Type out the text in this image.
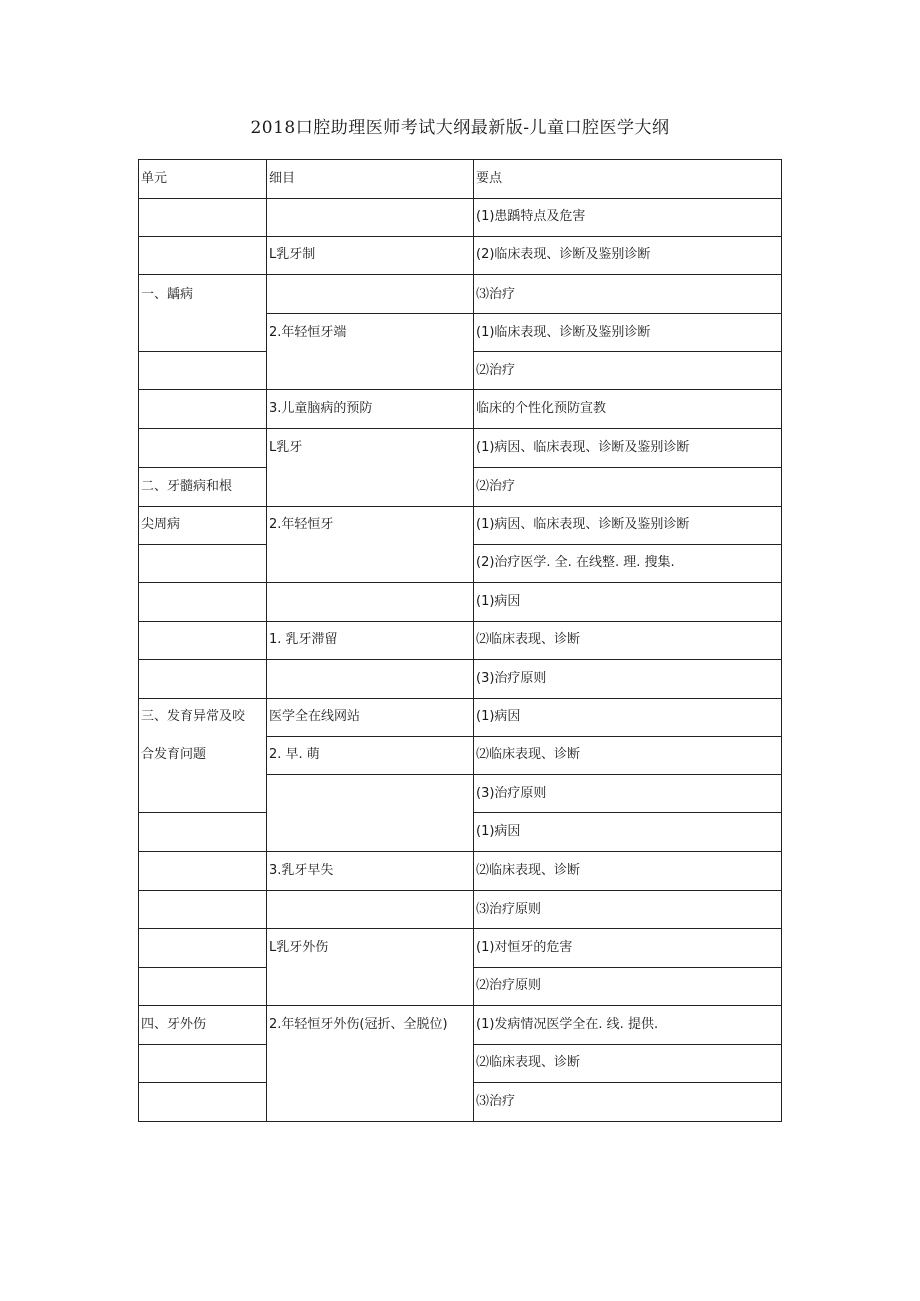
2018口腔助理医师考试大纲最新版-儿童口腔医学大纲
单元	细目	要点
一、龋病
二、牙髓病和根
尖周病
三、发育异常及咬
合发育问题
四、牙外伤
L乳牙制
2.年轻恒牙端
3.儿童脑病的预防
L乳牙
2.年轻恒牙
1. 乳牙滞留
医学全在线网站
2. 早. 萌
3.乳牙早失
L乳牙外伤
2.年轻恒牙外伤(冠折、全脱位)
(1)患踽特点及危害
(2)临床表现、诊断及鉴别诊断
⑶治疗
(1)临床表现、诊断及鉴别诊断
⑵治疗
临床的个性化预防宣教
(1)病因、临床表现、诊断及鉴别诊断
⑵治疗
(1)病因、临床表现、诊断及鉴别诊断
(2)治疗医学. 全. 在线整. 理. 搜集.
(1)病因
⑵临床表现、诊断
(3)治疗原则
(1)病因
⑵临床表现、诊断
(3)治疗原则
(1)病因
⑵临床表现、诊断
⑶治疗原则
(1)对恒牙的危害
⑵治疗原则
(1)发病情况医学全在. 线. 提供.
⑵临床表现、诊断
⑶治疗
